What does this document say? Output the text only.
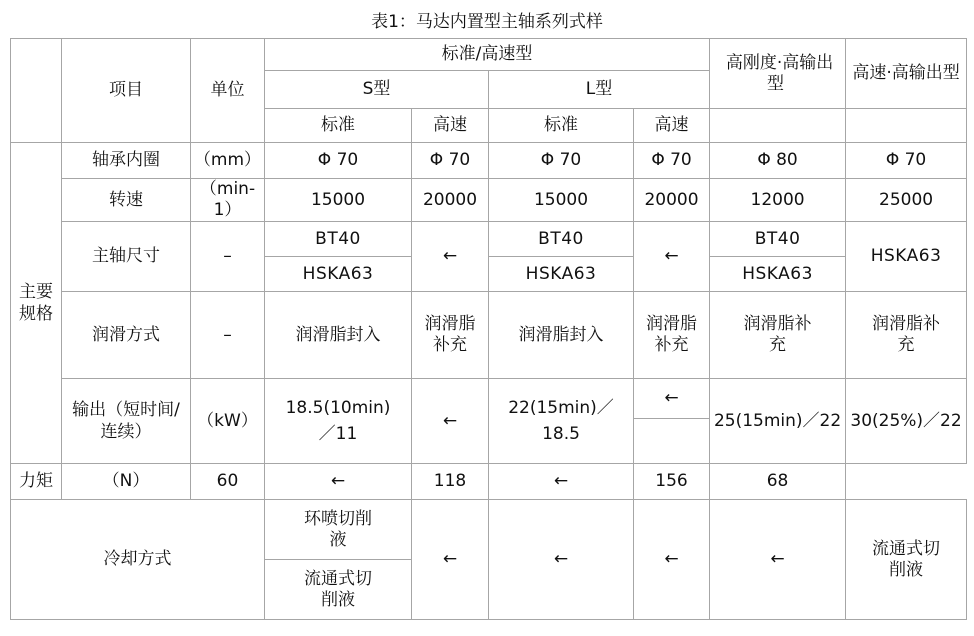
表1：马达内置型主轴系列式样
	项目	单位	标准/高速型				高刚度·高输出型	高速·高输出型
			S型		L型			
			标准	高速	标准	高速		
主要规格	轴承内圈	（mm）	Φ 70	Φ 70	Φ 70	Φ 70	Φ 80	Φ 70
	转速	（min-1）	15000	20000	15000	20000	12000	25000
	主轴尺寸	–	BT40	←	BT40	←	BT40	HSKA63
			HSKA63		HSKA63		HSKA63	
	润滑方式	–	润滑脂封入	润滑脂补充	润滑脂封入	润滑脂补充	润滑脂补充	润滑脂补充
	输出（短时间/连续）	（kW）	18.5(10min)／11	←	22(15min)／18.5	←	25(15min)／22	30(25%)／22

力矩	（N）	60	←	118	←	156	68	
冷却方式			环喷切削液	←	←	←	←	流通式切削液
			流通式切削液					
